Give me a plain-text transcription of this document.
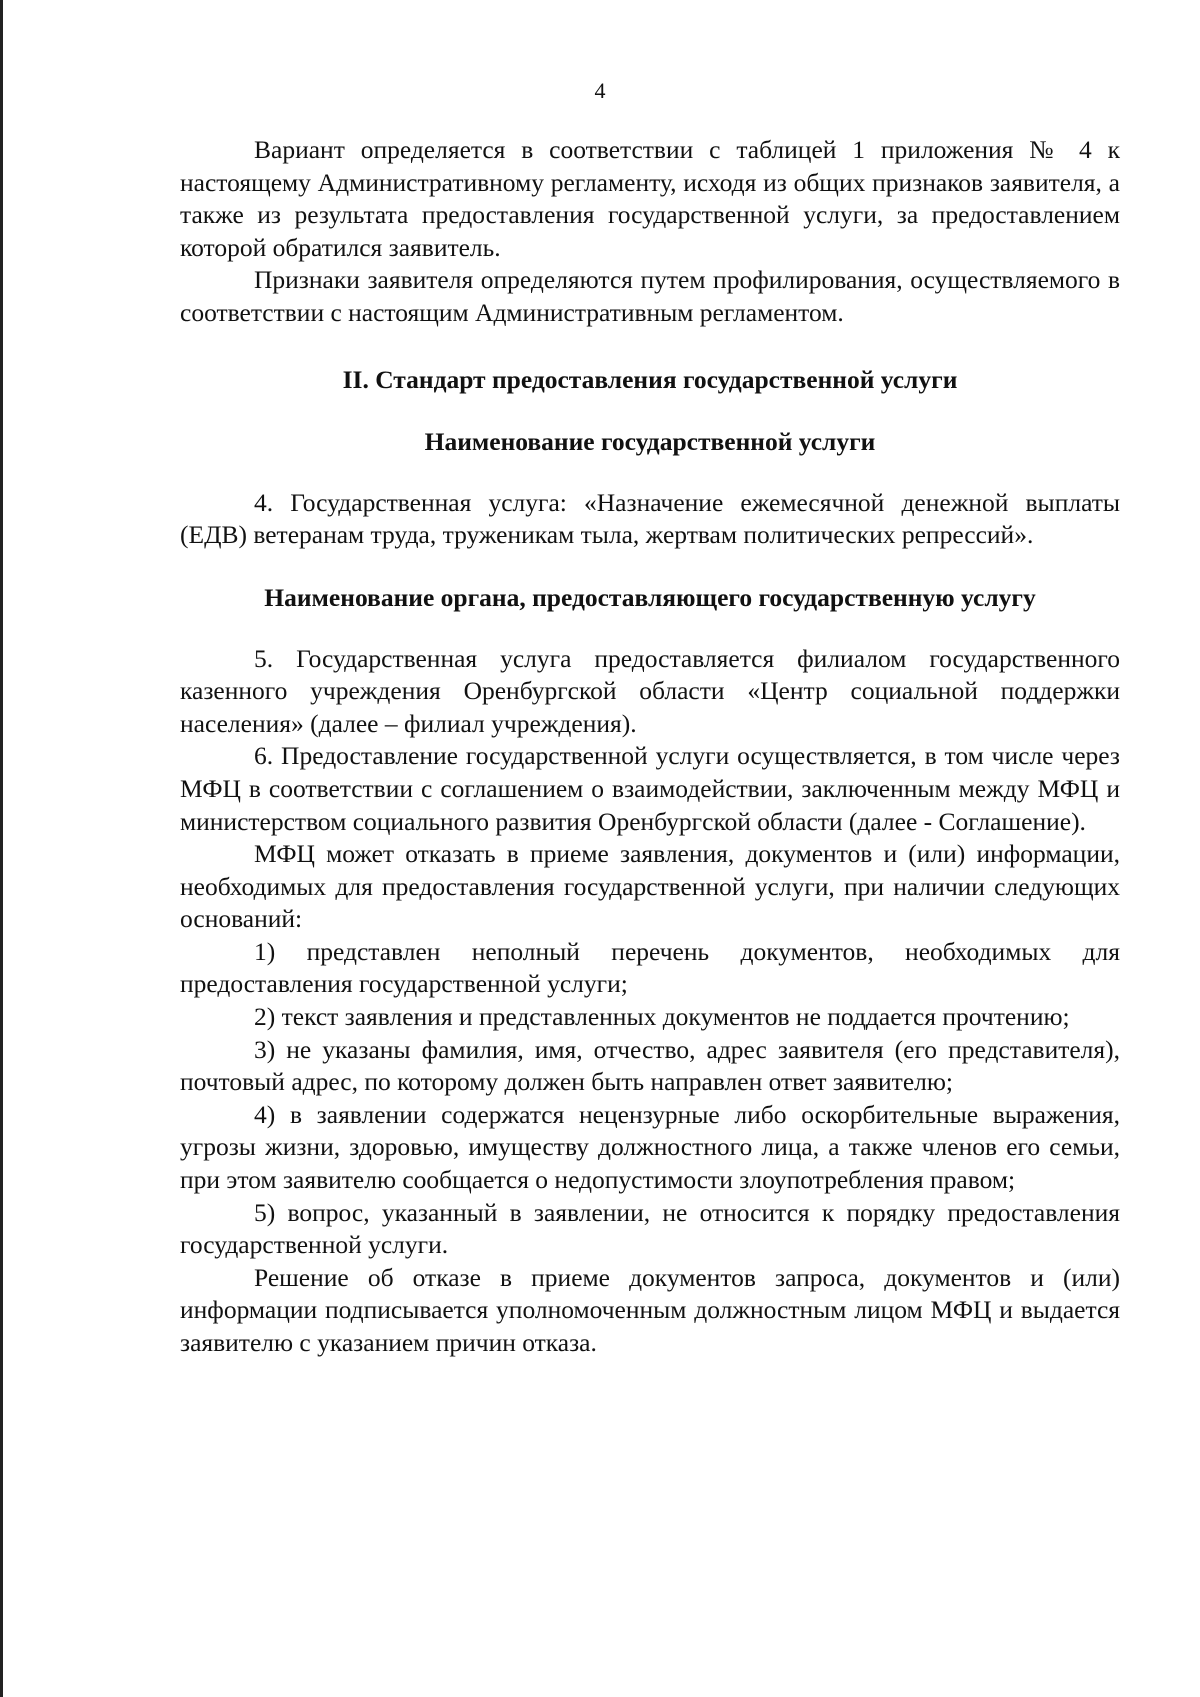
4

Вариант определяется в соответствии с таблицей 1 приложения № 4 к настоящему Административному регламенту, исходя из общих признаков заявителя, а также из результата предоставления государственной услуги, за предоставлением которой обратился заявитель.

Признаки заявителя определяются путем профилирования, осуществляемого в соответствии с настоящим Административным регламентом.

II. Стандарт предоставления государственной услуги
Наименование государственной услуги

4. Государственная услуга: «Назначение ежемесячной денежной выплаты (ЕДВ) ветеранам труда, труженикам тыла, жертвам политических репрессий».

Наименование органа, предоставляющего государственную услугу

5. Государственная услуга предоставляется филиалом государственного казенного учреждения Оренбургской области «Центр социальной поддержки населения» (далее – филиал учреждения).

6. Предоставление государственной услуги осуществляется, в том числе через МФЦ в соответствии с соглашением о взаимодействии, заключенным между МФЦ и министерством социального развития Оренбургской области (далее - Соглашение).

МФЦ может отказать в приеме заявления, документов и (или) информации, необходимых для предоставления государственной услуги, при наличии следующих оснований:

1) представлен неполный перечень документов, необходимых для предоставления государственной услуги;

2) текст заявления и представленных документов не поддается прочтению;

3) не указаны фамилия, имя, отчество, адрес заявителя (его представителя), почтовый адрес, по которому должен быть направлен ответ заявителю;

4) в заявлении содержатся нецензурные либо оскорбительные выражения, угрозы жизни, здоровью, имуществу должностного лица, а также членов его семьи, при этом заявителю сообщается о недопустимости злоупотребления правом;

5) вопрос, указанный в заявлении, не относится к порядку предоставления государственной услуги.

Решение об отказе в приеме документов запроса, документов и (или) информации подписывается уполномоченным должностным лицом МФЦ и выдается заявителю с указанием причин отказа.
